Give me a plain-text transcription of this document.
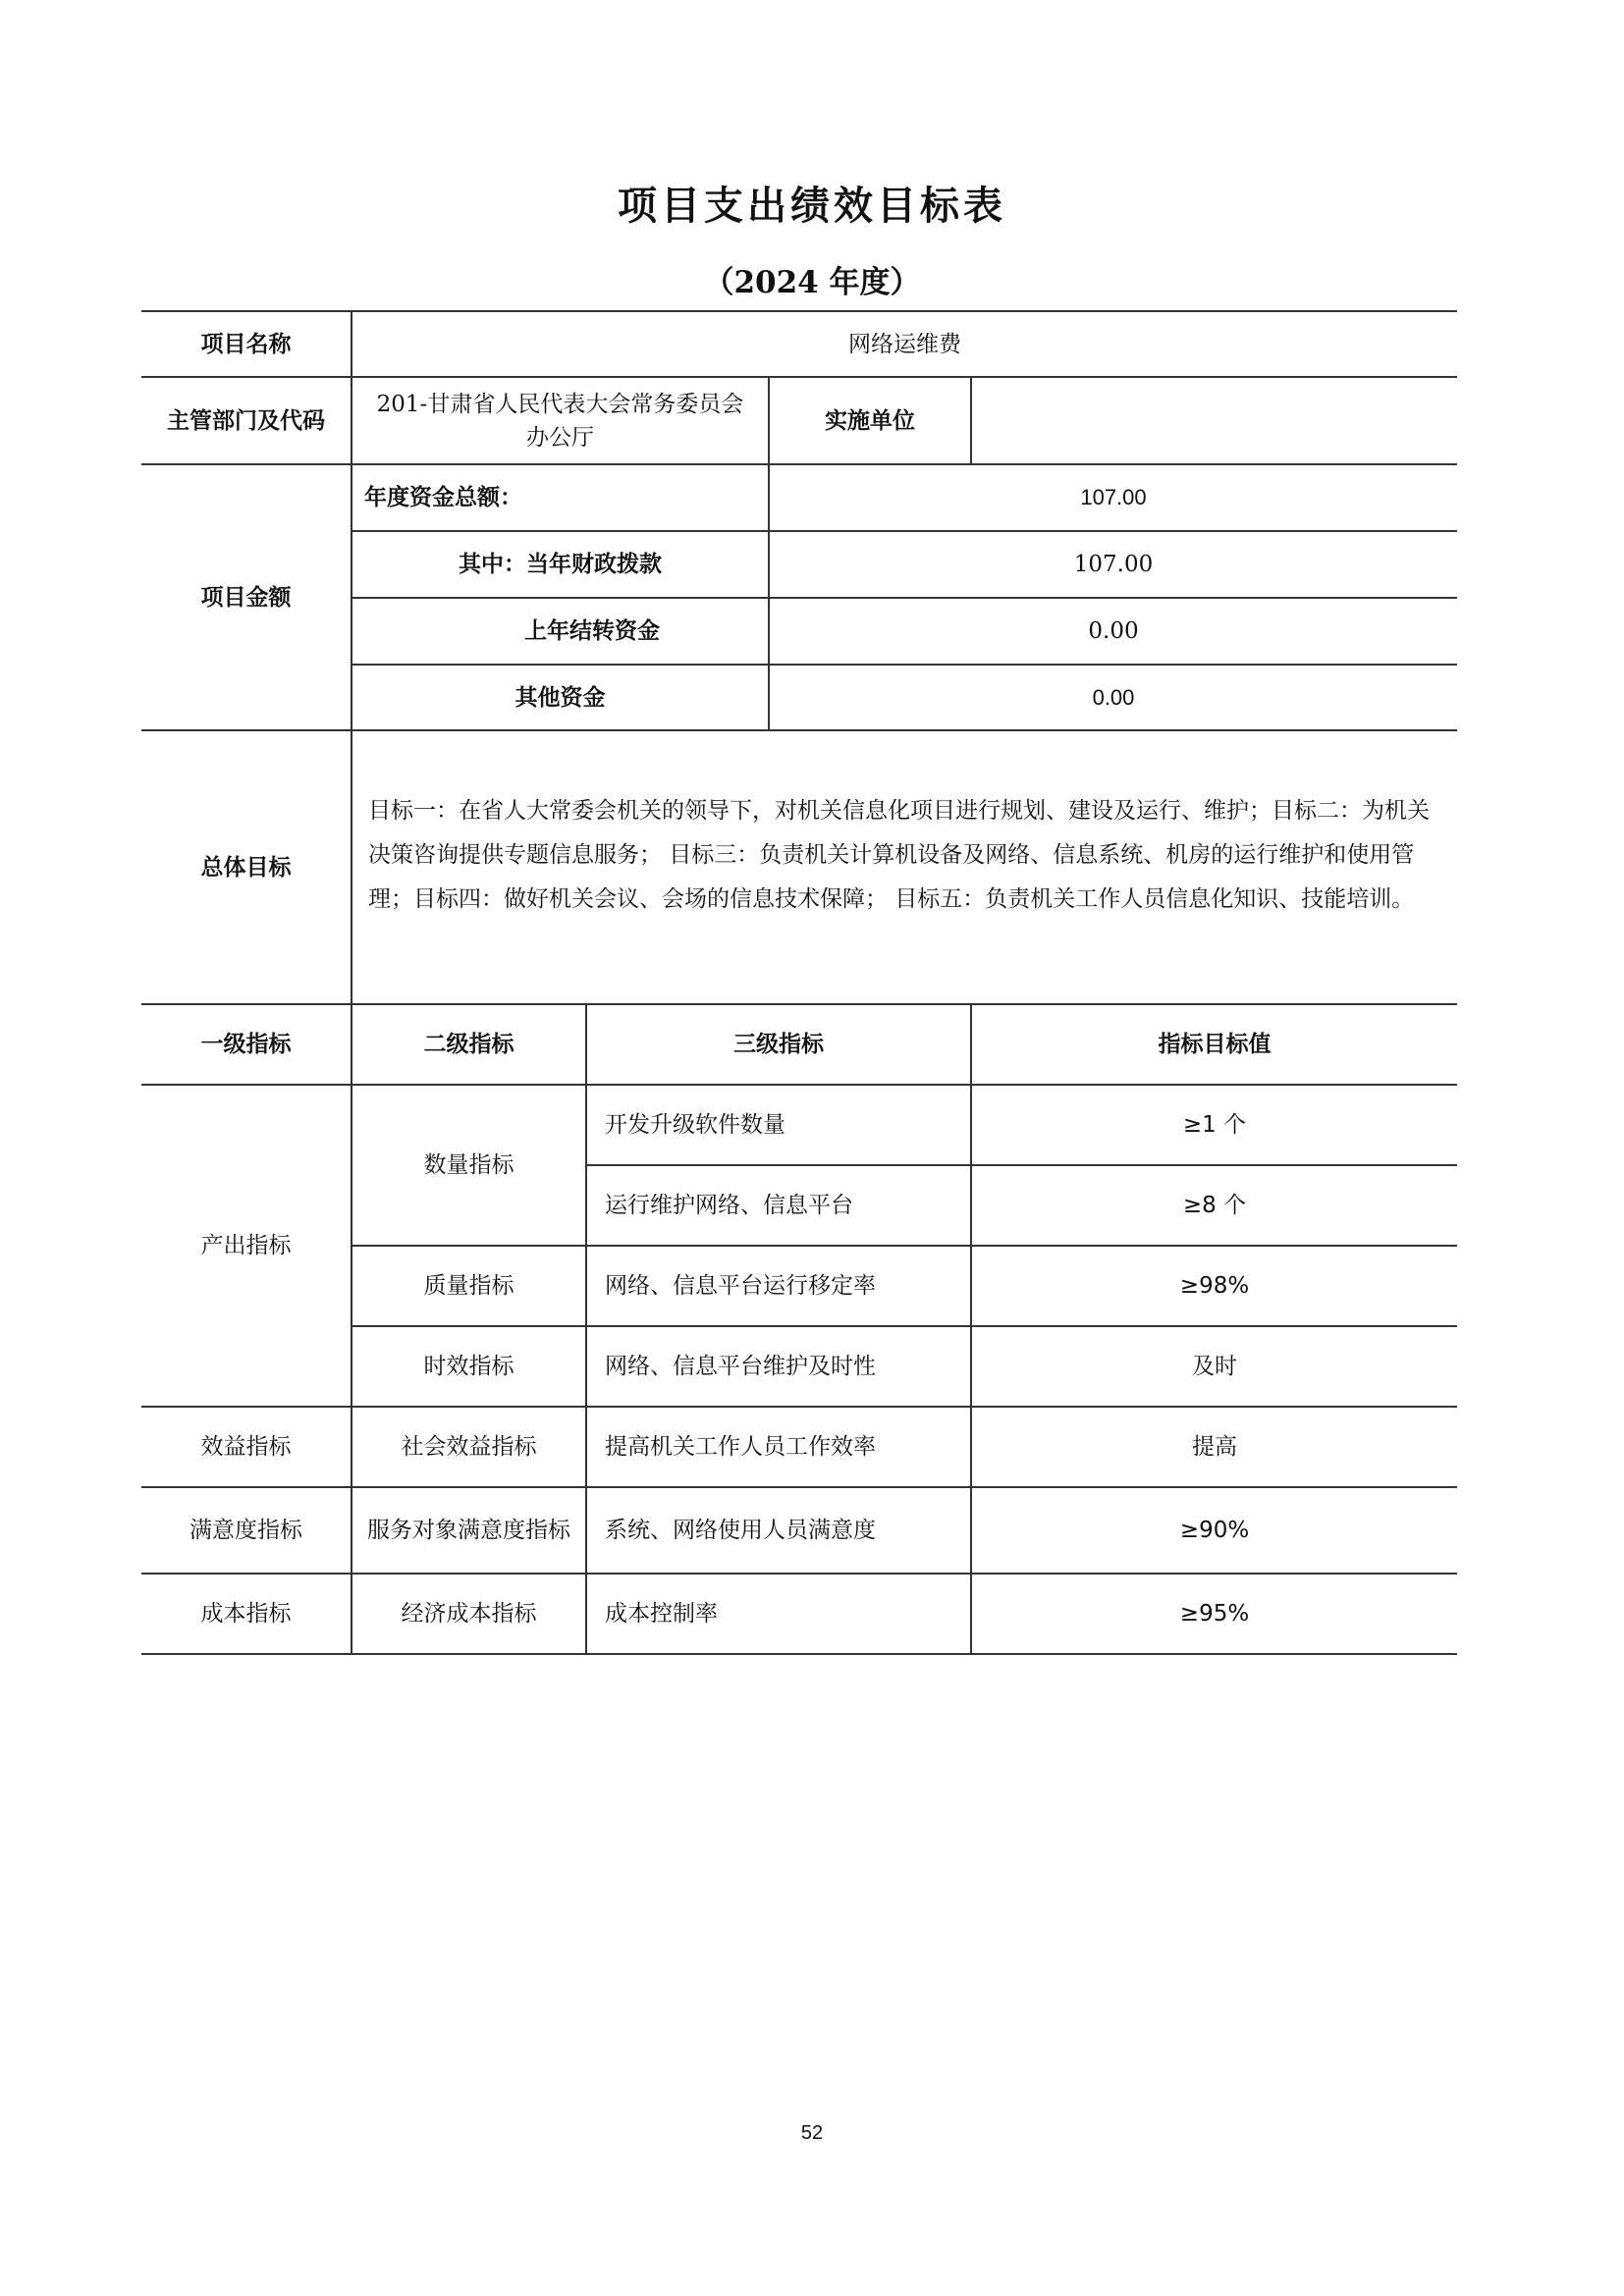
项目支出绩效目标表
（2024 年度）
项目名称	网络运维费			
主管部门及代码	201-甘肃省人民代表大会常务委员会办公厅		实施单位	
项目金额	年度资金总额：		107.00	
	其中：当年财政拨款		107.00	
	上年结转资金		0.00	
	其他资金		0.00	
总体目标	目标一：在省人大常委会机关的领导下，对机关信息化项目进行规划、建设及运行、维护；目标二：为机关决策咨询提供专题信息服务； 目标三：负责机关计算机设备及网络、信息系统、机房的运行维护和使用管理；目标四：做好机关会议、会场的信息技术保障； 目标五：负责机关工作人员信息化知识、技能培训。			
一级指标	二级指标	三级指标		指标目标值
产出指标	数量指标	开发升级软件数量		≥1 个
		运行维护网络、信息平台		≥8 个
	质量指标	网络、信息平台运行移定率		≥98%
	时效指标	网络、信息平台维护及时性		及时
效益指标	社会效益指标	提高机关工作人员工作效率		提高
满意度指标	服务对象满意度指标	系统、网络使用人员满意度		≥90%
成本指标	经济成本指标	成本控制率		≥95%
52
